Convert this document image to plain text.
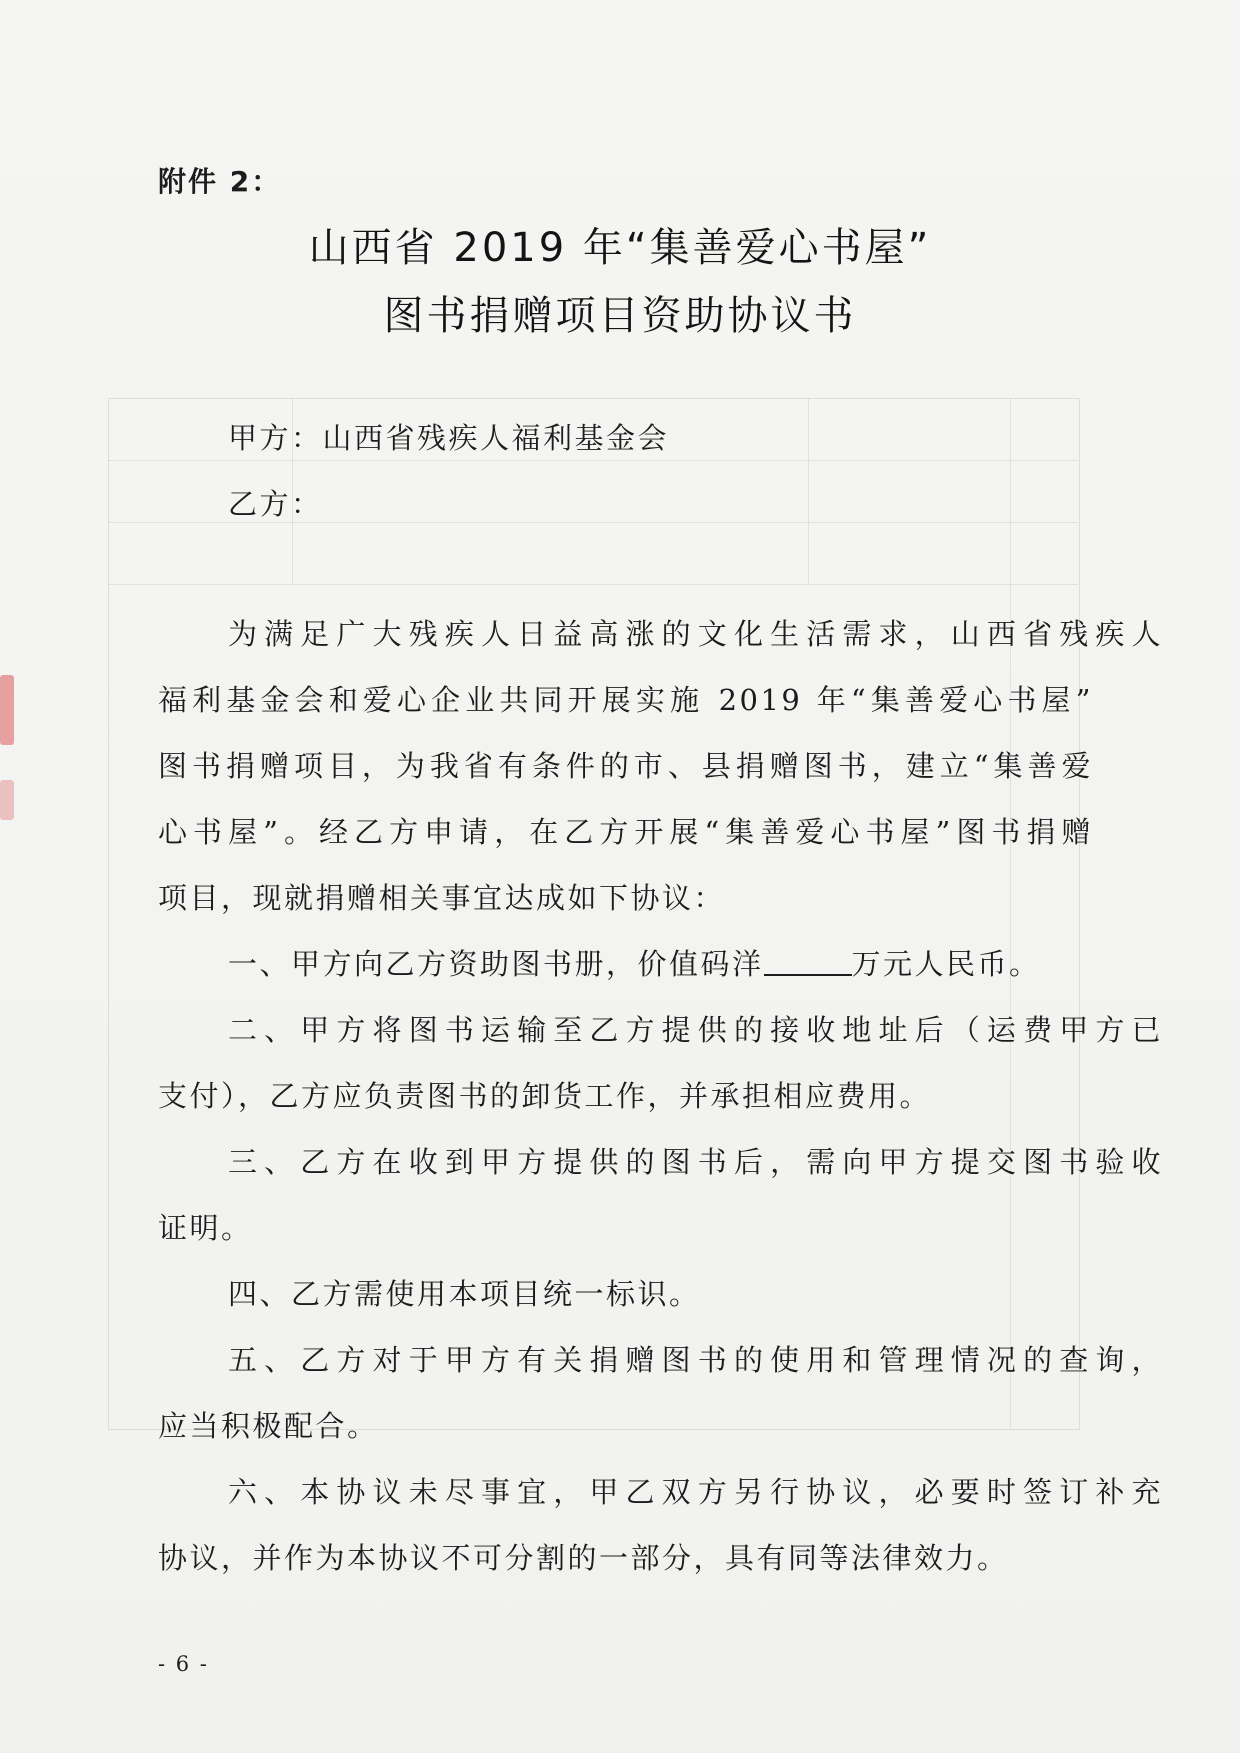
附件 2：
山西省 2019 年“集善爱心书屋”
图书捐赠项目资助协议书
甲方：山西省残疾人福利基金会
乙方：
为满足广大残疾人日益高涨的文化生活需求，山西省残疾人
福利基金会和爱心企业共同开展实施 2019 年“集善爱心书屋”
图书捐赠项目，为我省有条件的市、县捐赠图书，建立“集善爱
心书屋”。经乙方申请，在乙方开展“集善爱心书屋”图书捐赠
项目，现就捐赠相关事宜达成如下协议：
一、甲方向乙方资助图书册，价值码洋	万元人民币。
二、甲方将图书运输至乙方提供的接收地址后（运费甲方已
支付），乙方应负责图书的卸货工作，并承担相应费用。
三、乙方在收到甲方提供的图书后，需向甲方提交图书验收
证明。
四、乙方需使用本项目统一标识。
五、乙方对于甲方有关捐赠图书的使用和管理情况的查询，
应当积极配合。
六、本协议未尽事宜，甲乙双方另行协议，必要时签订补充
协议，并作为本协议不可分割的一部分，具有同等法律效力。
- 6 -
